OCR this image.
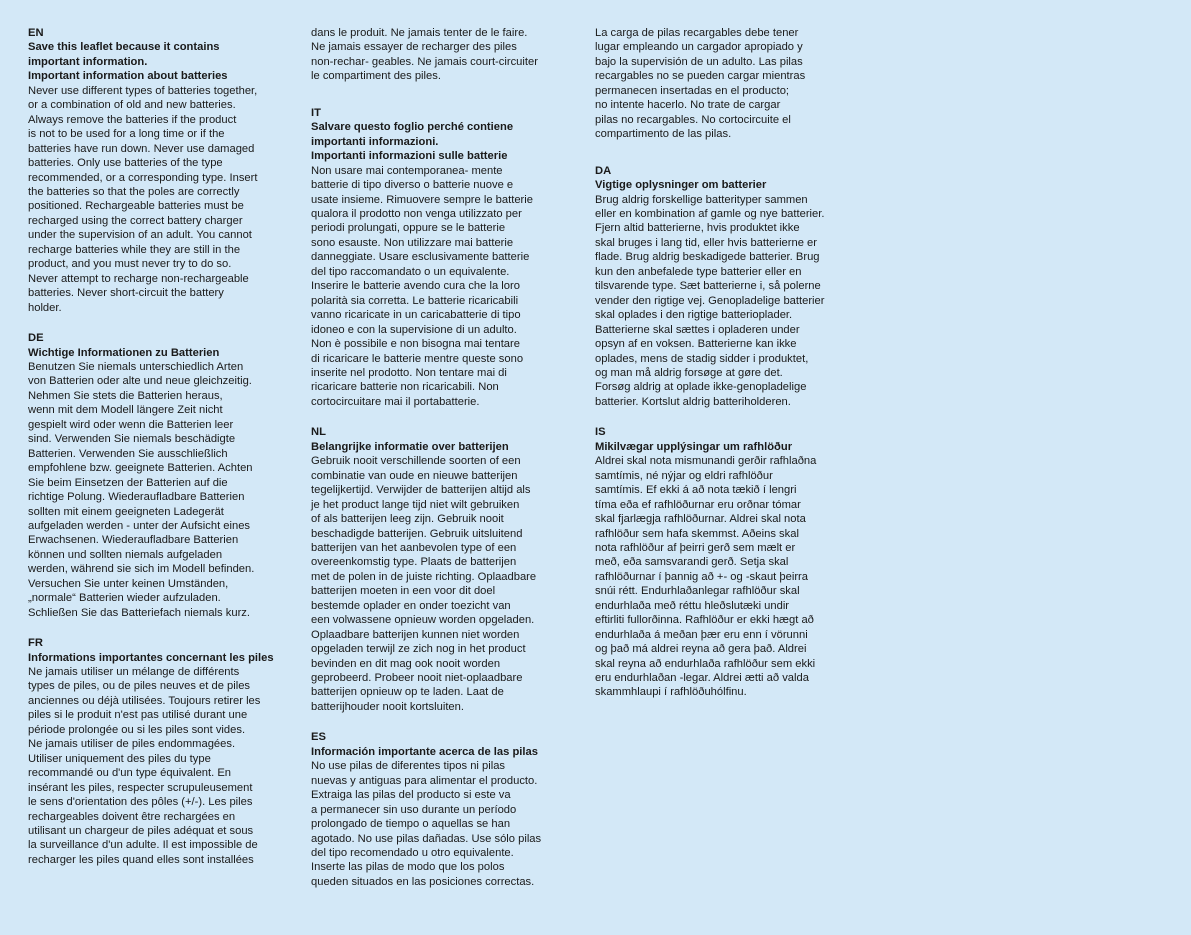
EN

Save this leaflet because it contains
important information.

Important information about batteries

Never use different types of batteries together,
or a combination of old and new batteries.
Always remove the batteries if the product
is not to be used for a long time or if the
batteries have run down. Never use damaged
batteries. Only use batteries of the type
recommended, or a corresponding type. Insert
the batteries so that the poles are correctly
positioned. Rechargeable batteries must be
recharged using the correct battery charger
under the supervision of an adult. You cannot
recharge batteries while they are still in the
product, and you must never try to do so.
Never attempt to recharge non-rechargeable
batteries. Never short-circuit the battery
holder.

DE

Wichtige Informationen zu Batterien

Benutzen Sie niemals unterschiedlich Arten
von Batterien oder alte und neue gleichzeitig.
Nehmen Sie stets die Batterien heraus,
wenn mit dem Modell längere Zeit nicht
gespielt wird oder wenn die Batterien leer
sind. Verwenden Sie niemals beschädigte
Batterien. Verwenden Sie ausschließlich
empfohlene bzw. geeignete Batterien. Achten
Sie beim Einsetzen der Batterien auf die
richtige Polung. Wiederaufladbare Batterien
sollten mit einem geeigneten Ladegerät
aufgeladen werden - unter der Aufsicht eines
Erwachsenen. Wiederaufladbare Batterien
können und sollten niemals aufgeladen
werden, während sie sich im Modell befinden.
Versuchen Sie unter keinen Umständen,
„normale“ Batterien wieder aufzuladen.
Schließen Sie das Batteriefach niemals kurz.

FR

Informations importantes concernant les piles

Ne jamais utiliser un mélange de différents
types de piles, ou de piles neuves et de piles
anciennes ou déjà utilisées. Toujours retirer les
piles si le produit n'est pas utilisé durant une
période prolongée ou si les piles sont vides.
Ne jamais utiliser de piles endommagées.
Utiliser uniquement des piles du type
recommandé ou d'un type équivalent. En
insérant les piles, respecter scrupuleusement
le sens d'orientation des pôles (+/-). Les piles
rechargeables doivent être rechargées en
utilisant un chargeur de piles adéquat et sous
la surveillance d'un adulte. Il est impossible de
recharger les piles quand elles sont installées

dans le produit. Ne jamais tenter de le faire.
Ne jamais essayer de recharger des piles
non-rechar- geables. Ne jamais court-circuiter
le compartiment des piles.

IT

Salvare questo foglio perché contiene
importanti informazioni.

Importanti informazioni sulle batterie

Non usare mai contemporanea- mente
batterie di tipo diverso o batterie nuove e
usate insieme. Rimuovere sempre le batterie
qualora il prodotto non venga utilizzato per
periodi prolungati, oppure se le batterie
sono esauste. Non utilizzare mai batterie
danneggiate. Usare esclusivamente batterie
del tipo raccomandato o un equivalente.
Inserire le batterie avendo cura che la loro
polarità sia corretta. Le batterie ricaricabili
vanno ricaricate in un caricabatterie di tipo
idoneo e con la supervisione di un adulto.
Non è possibile e non bisogna mai tentare
di ricaricare le batterie mentre queste sono
inserite nel prodotto. Non tentare mai di
ricaricare batterie non ricaricabili. Non
cortocircuitare mai il portabatterie.

NL

Belangrijke informatie over batterijen

Gebruik nooit verschillende soorten of een
combinatie van oude en nieuwe batterijen
tegelijkertijd. Verwijder de batterijen altijd als
je het product lange tijd niet wilt gebruiken
of als batterijen leeg zijn. Gebruik nooit
beschadigde batterijen. Gebruik uitsluitend
batterijen van het aanbevolen type of een
overeenkomstig type. Plaats de batterijen
met de polen in de juiste richting. Oplaadbare
batterijen moeten in een voor dit doel
bestemde oplader en onder toezicht van
een volwassene opnieuw worden opgeladen.
Oplaadbare batterijen kunnen niet worden
opgeladen terwijl ze zich nog in het product
bevinden en dit mag ook nooit worden
geprobeerd. Probeer nooit niet-oplaadbare
batterijen opnieuw op te laden. Laat de
batterijhouder nooit kortsluiten.

ES

Información importante acerca de las pilas

No use pilas de diferentes tipos ni pilas
nuevas y antiguas para alimentar el producto.
Extraiga las pilas del producto si este va
a permanecer sin uso durante un período
prolongado de tiempo o aquellas se han
agotado. No use pilas dañadas. Use sólo pilas
del tipo recomendado u otro equivalente.
Inserte las pilas de modo que los polos
queden situados en las posiciones correctas.

La carga de pilas recargables debe tener
lugar empleando un cargador apropiado y
bajo la supervisión de un adulto. Las pilas
recargables no se pueden cargar mientras
permanecen insertadas en el producto;
no intente hacerlo. No trate de cargar
pilas no recargables. No cortocircuite el
compartimento de las pilas.

DA

Vigtige oplysninger om batterier

Brug aldrig forskellige batterityper sammen
eller en kombination af gamle og nye batterier.
Fjern altid batterierne, hvis produktet ikke
skal bruges i lang tid, eller hvis batterierne er
flade. Brug aldrig beskadigede batterier. Brug
kun den anbefalede type batterier eller en
tilsvarende type. Sæt batterierne i, så polerne
vender den rigtige vej. Genopladelige batterier
skal oplades i den rigtige batterioplader.
Batterierne skal sættes i opladeren under
opsyn af en voksen. Batterierne kan ikke
oplades, mens de stadig sidder i produktet,
og man må aldrig forsøge at gøre det.
Forsøg aldrig at oplade ikke-genopladelige
batterier. Kortslut aldrig batteriholderen.

IS

Mikilvægar upplýsingar um rafhlöður

Aldrei skal nota mismunandi gerðir rafhlaðna
samtímis, né nýjar og eldri rafhlöður
samtímis. Ef ekki á að nota tækið í lengri
tíma eða ef rafhlöðurnar eru orðnar tómar
skal fjarlægja rafhlöðurnar. Aldrei skal nota
rafhlöður sem hafa skemmst. Aðeins skal
nota rafhlöður af þeirri gerð sem mælt er
með, eða samsvarandi gerð. Setja skal
rafhlöðurnar í þannig að +- og -skaut þeirra
snúi rétt. Endurhlaðanlegar rafhlöður skal
endurhlaða með réttu hleðslutæki undir
eftirliti fullorðinna. Rafhlöður er ekki hægt að
endurhlaða á meðan þær eru enn í vörunni
og það má aldrei reyna að gera það. Aldrei
skal reyna að endurhlaða rafhlöður sem ekki
eru endurhlaðan -legar. Aldrei ætti að valda
skammhlaupi í rafhlöðuhólfinu.
